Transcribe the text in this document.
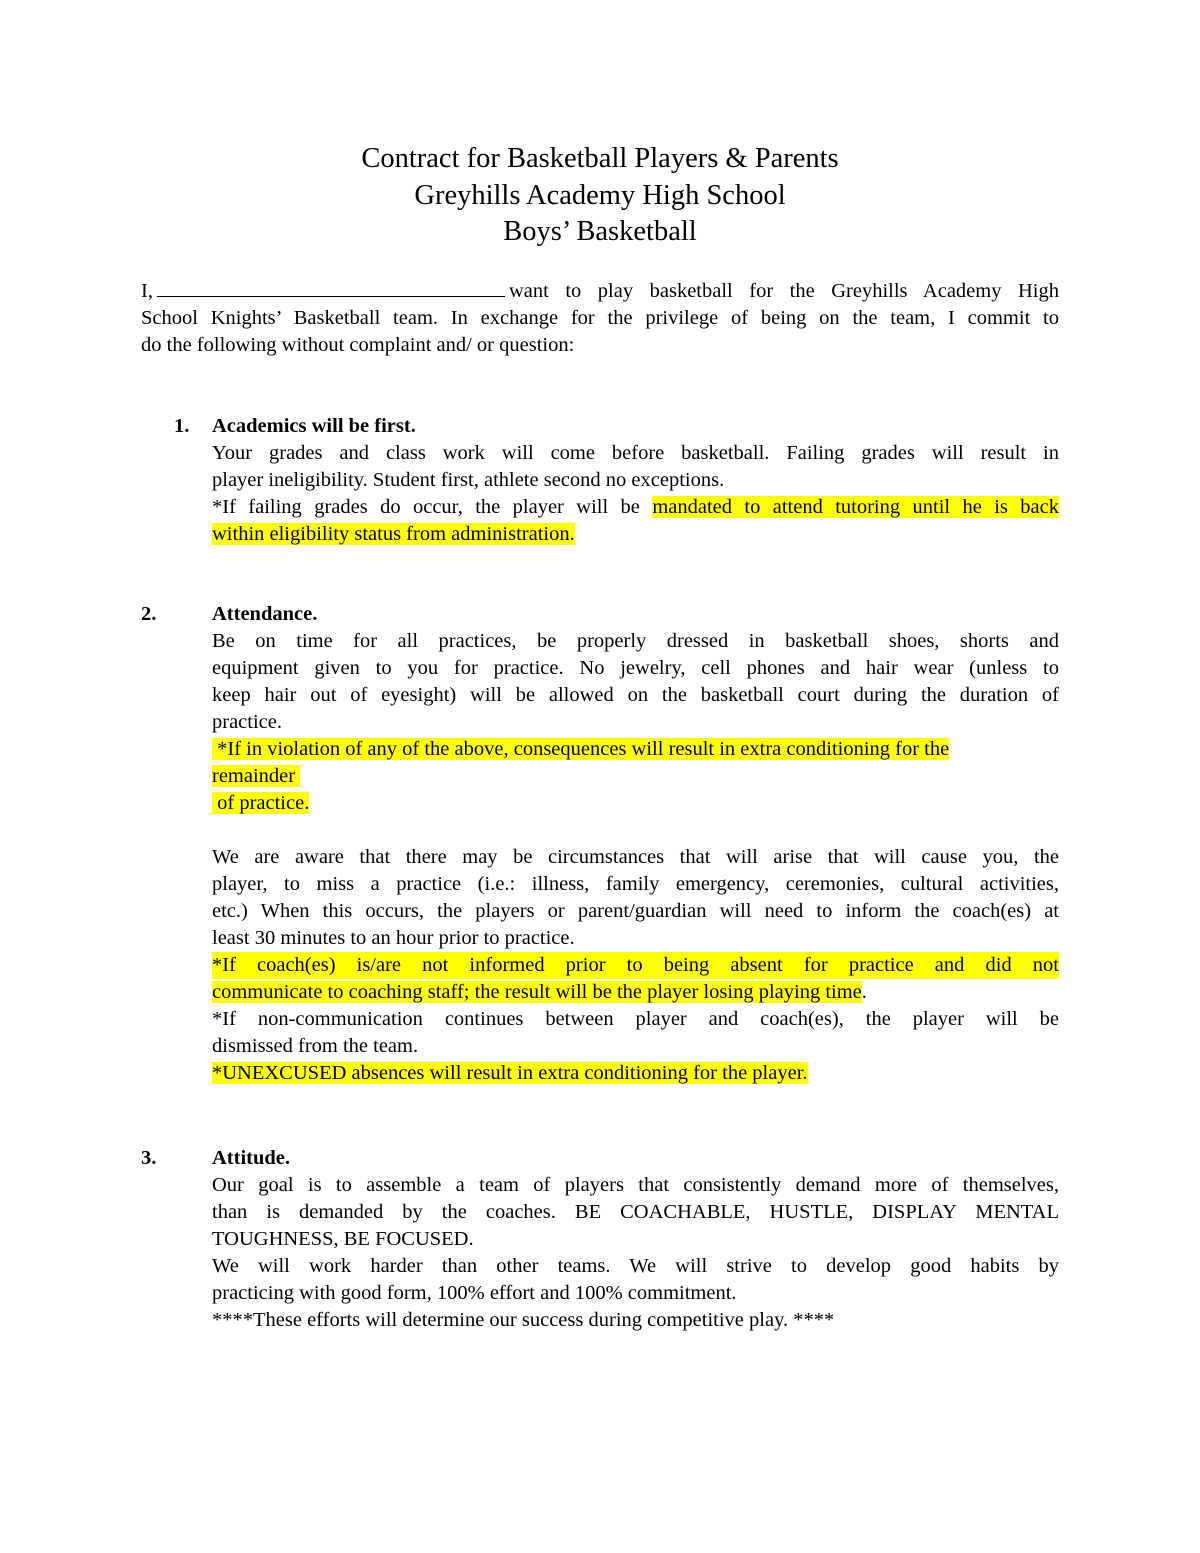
Contract for Basketball Players & Parents
Greyhills Academy High School
Boys’ Basketball
I,	want to play basketball for the Greyhills Academy High
School Knights’ Basketball team. In exchange for the privilege of being on the team, I commit to
do the following without complaint and/ or question:
1. Academics will be first.
Your grades and class work will come before basketball. Failing grades will result in
player ineligibility. Student first, athlete second no exceptions.
*If failing grades do occur, the player will be mandated to attend tutoring until he is back
within eligibility status from administration.
2.	Attendance.
Be on time for all practices, be properly dressed in basketball shoes, shorts and
equipment given to you for practice. No jewelry, cell phones and hair wear (unless to
keep hair out of eyesight) will be allowed on the basketball court during the duration of
practice.
*If in violation of any of the above, consequences will result in extra conditioning for the
remainder
of practice.

We are aware that there may be circumstances that will arise that will cause you, the
player, to miss a practice (i.e.: illness, family emergency, ceremonies, cultural activities,
etc.) When this occurs, the players or parent/guardian will need to inform the coach(es) at
least 30 minutes to an hour prior to practice.
*If coach(es) is/are not informed prior to being absent for practice and did not
communicate to coaching staff; the result will be the player losing playing time.
*If non-communication continues between player and coach(es), the player will be
dismissed from the team.
*UNEXCUSED absences will result in extra conditioning for the player.
3.	Attitude.
Our goal is to assemble a team of players that consistently demand more of themselves,
than is demanded by the coaches. BE COACHABLE, HUSTLE, DISPLAY MENTAL
TOUGHNESS, BE FOCUSED.
We will work harder than other teams. We will strive to develop good habits by
practicing with good form, 100% effort and 100% commitment.
****These efforts will determine our success during competitive play. ****
